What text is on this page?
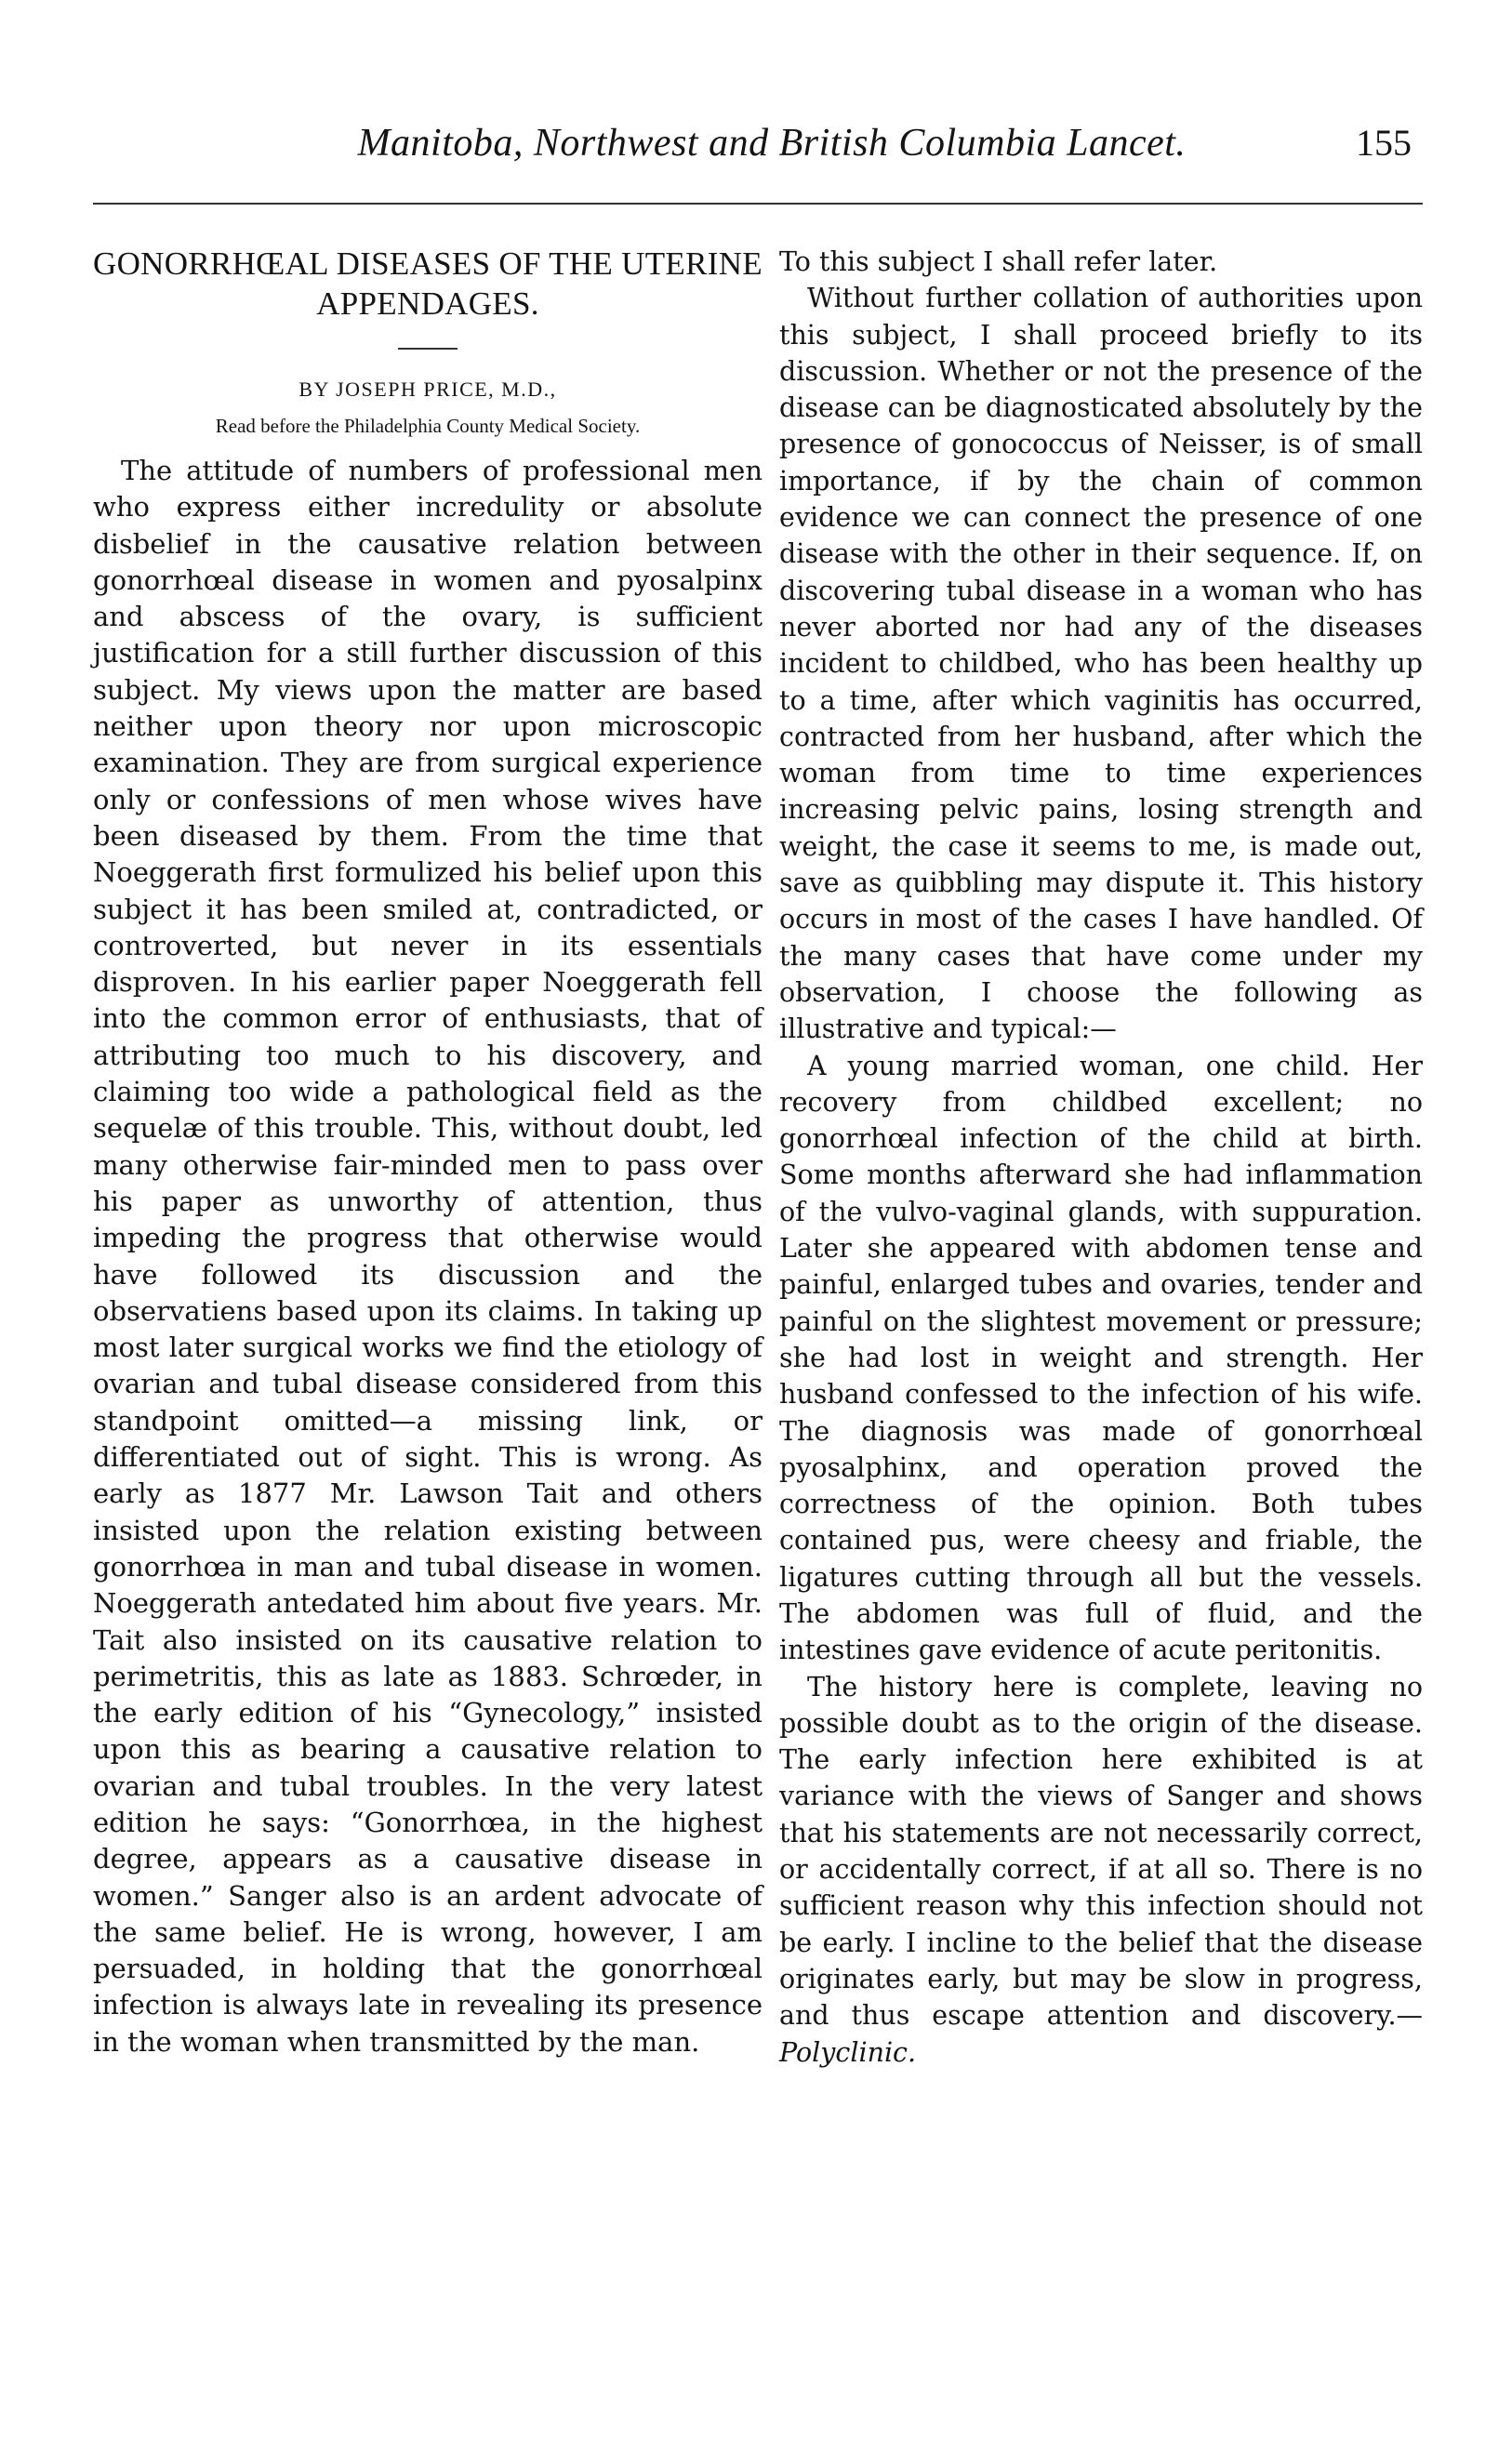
Manitoba, Northwest and British Columbia Lancet.	155
GONORRHŒAL DISEASES OF THE UTERINE APPENDAGES.
BY JOSEPH PRICE, M.D.,
Read before the Philadelphia County Medical Society.

The attitude of numbers of professional men who express either incredulity or absolute disbelief in the causative relation between gonorrhœal disease in women and pyosalpinx and abscess of the ovary, is sufficient justification for a still further discussion of this subject. My views upon the matter are based neither upon theory nor upon microscopic examination. They are from surgical experience only or confessions of men whose wives have been diseased by them. From the time that Noeggerath first formulized his belief upon this subject it has been smiled at, contradicted, or controverted, but never in its essentials disproven. In his earlier paper Noeggerath fell into the common error of enthusiasts, that of attributing too much to his discovery, and claiming too wide a pathological field as the sequelæ of this trouble. This, without doubt, led many otherwise fair-minded men to pass over his paper as unworthy of attention, thus impeding the progress that otherwise would have followed its discussion and the observatiens based upon its claims. In taking up most later surgical works we find the etiology of ovarian and tubal disease considered from this standpoint omitted—a missing link, or differentiated out of sight. This is wrong. As early as 1877 Mr. Lawson Tait and others insisted upon the relation existing between gonorrhœa in man and tubal disease in women. Noeggerath antedated him about five years. Mr. Tait also insisted on its causative relation to perimetritis, this as late as 1883. Schrœder, in the early edition of his “Gynecology,” insisted upon this as bearing a causative relation to ovarian and tubal troubles. In the very latest edition he says: “Gonorrhœa, in the highest degree, appears as a causative disease in women.” Sanger also is an ardent advocate of the same belief. He is wrong, however, I am persuaded, in holding that the gonorrhœal infection is always late in revealing its presence in the woman when transmitted by the man.

To this subject I shall refer later.

Without further collation of authorities upon this subject, I shall proceed briefly to its discussion. Whether or not the presence of the disease can be diagnosticated absolutely by the presence of gonococcus of Neisser, is of small importance, if by the chain of common evidence we can connect the presence of one disease with the other in their sequence. If, on discovering tubal disease in a woman who has never aborted nor had any of the diseases incident to childbed, who has been healthy up to a time, after which vaginitis has occurred, contracted from her husband, after which the woman from time to time experiences increasing pelvic pains, losing strength and weight, the case it seems to me, is made out, save as quibbling may dispute it. This history occurs in most of the cases I have handled. Of the many cases that have come under my observation, I choose the following as illustrative and typical:—

A young married woman, one child. Her recovery from childbed excellent; no gonorrhœal infection of the child at birth. Some months afterward she had inflammation of the vulvo-vaginal glands, with suppuration. Later she appeared with abdomen tense and painful, enlarged tubes and ovaries, tender and painful on the slightest movement or pressure; she had lost in weight and strength. Her husband confessed to the infection of his wife. The diagnosis was made of gonorrhœal pyosalphinx, and operation proved the correctness of the opinion. Both tubes contained pus, were cheesy and friable, the ligatures cutting through all but the vessels. The abdomen was full of fluid, and the intestines gave evidence of acute peritonitis.

The history here is complete, leaving no possible doubt as to the origin of the disease. The early infection here exhibited is at variance with the views of Sanger and shows that his statements are not necessarily correct, or accidentally correct, if at all so. There is no sufficient reason why this infection should not be early. I incline to the belief that the disease originates early, but may be slow in progress, and thus escape attention and discovery.—Polyclinic.
